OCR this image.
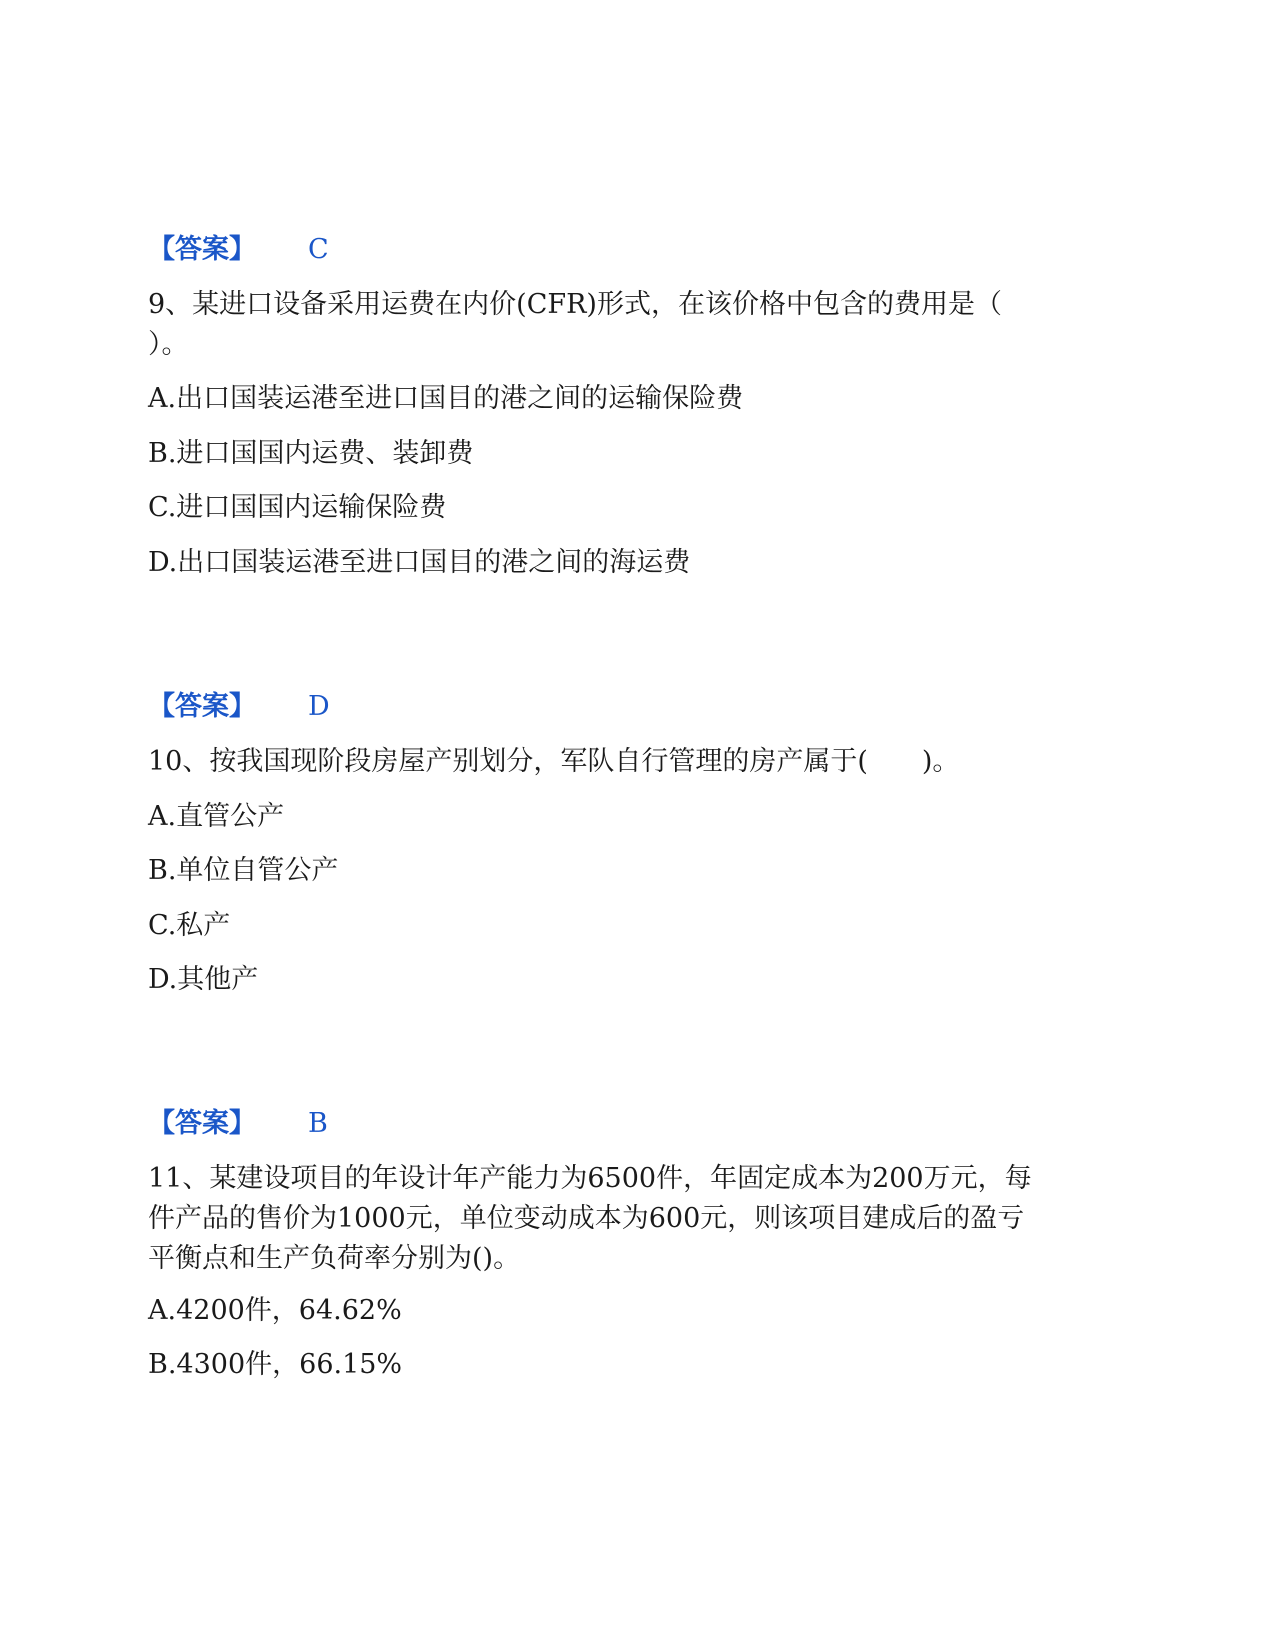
【答案】 C
9、某进口设备采用运费在内价(CFR)形式，在该价格中包含的费用是（
）。
A.出口国装运港至进口国目的港之间的运输保险费
B.进口国国内运费、装卸费
C.进口国国内运输保险费
D.出口国装运港至进口国目的港之间的海运费
【答案】 D
10、按我国现阶段房屋产别划分，军队自行管理的房产属于(　　)。
A.直管公产
B.单位自管公产
C.私产
D.其他产
【答案】 B
11、某建设项目的年设计年产能力为6500件，年固定成本为200万元，每
件产品的售价为1000元，单位变动成本为600元，则该项目建成后的盈亏
平衡点和生产负荷率分别为()。
A.4200件，64.62%
B.4300件，66.15%
